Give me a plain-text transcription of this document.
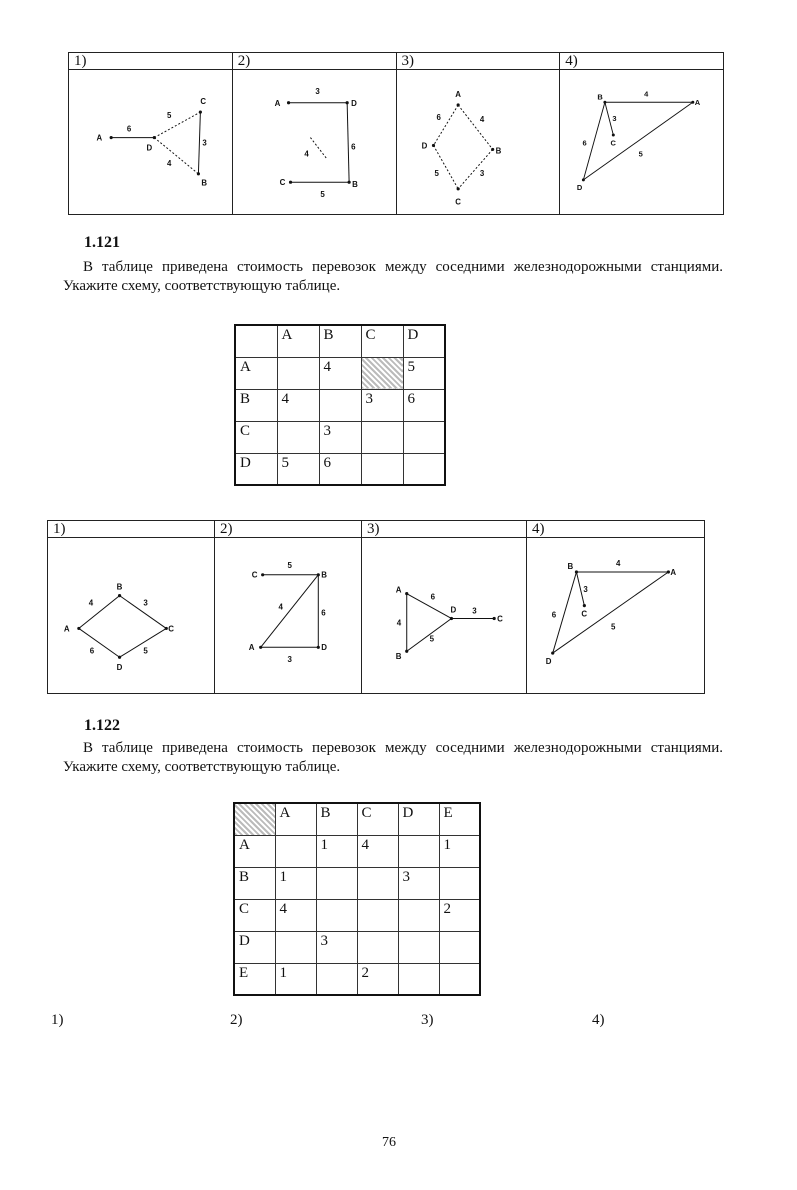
1)
A
D
C
B
6
5
3
4
2)
A	D
C	B
3
6
4
5
3)
A
D
B
C
6	4
5	3
4)
B
A
C
D
4
3
6
5
1.121
В таблице приведена стоимость перевозок между соседними железнодорожными станциями. Укажите схему, соответствующую таблице.
	A	B	C	D
A		4		5
B	4		3	6
C		3		
D	5	6		
1)
B
A	C
D
4	3
6	5
2)
C	B
A	D
5
4
6
3
3)
A
D
C
B
6
4
3
5
4)
B
A
C
D
4
3
6
5
1.122
В таблице приведена стоимость перевозок между соседними железнодорожными станциями. Укажите схему, соответствующую таблице.
	A	B	C	D	E
A		1	4		1
B	1			3	
C	4				2
D		3			
E	1		2		
1)	2)	3)	4)
76
